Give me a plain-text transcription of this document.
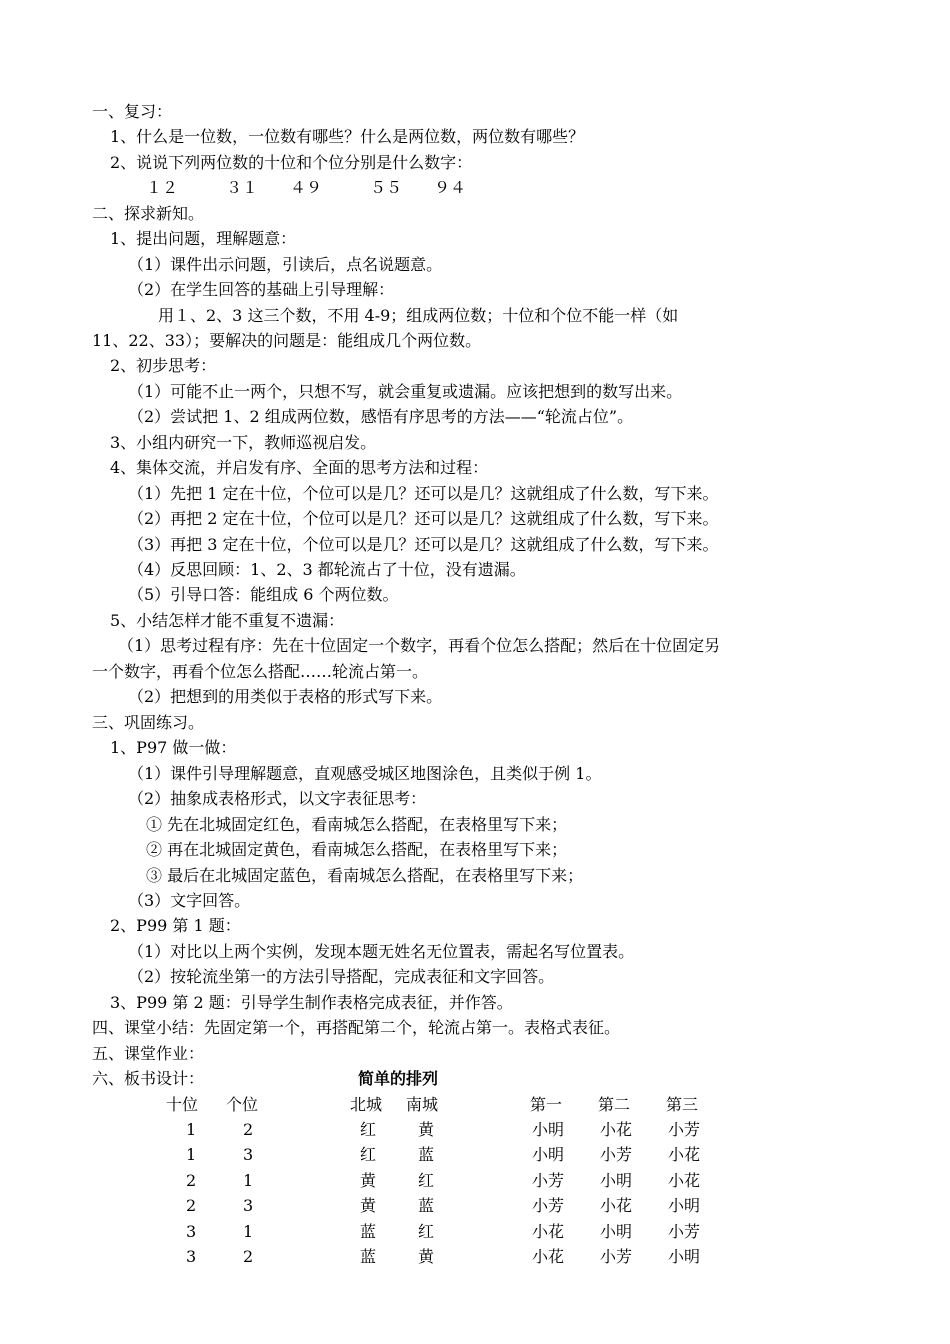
一、复习：
1、什么是一位数，一位数有哪些？什么是两位数，两位数有哪些？
2、说说下列两位数的十位和个位分别是什么数字：
１２　　　３１　　４９　　　５５　　９４
二、探求新知。
1、提出问题，理解题意：
（1）课件出示问题，引读后，点名说题意。
（2）在学生回答的基础上引导理解：
用１、2、3 这三个数，不用 4-9；组成两位数；十位和个位不能一样（如
11、22、33）；要解决的问题是：能组成几个两位数。
2、初步思考：
（1）可能不止一两个，只想不写，就会重复或遗漏。应该把想到的数写出来。
（2）尝试把 1、2 组成两位数，感悟有序思考的方法——“轮流占位”。
3、小组内研究一下，教师巡视启发。
4、集体交流，并启发有序、全面的思考方法和过程：
（1）先把 1 定在十位，个位可以是几？还可以是几？这就组成了什么数，写下来。
（2）再把 2 定在十位，个位可以是几？还可以是几？这就组成了什么数，写下来。
（3）再把 3 定在十位，个位可以是几？还可以是几？这就组成了什么数，写下来。
（4）反思回顾：1、2、3 都轮流占了十位，没有遗漏。
（5）引导口答：能组成 6 个两位数。
5、小结怎样才能不重复不遗漏：
（1）思考过程有序：先在十位固定一个数字，再看个位怎么搭配；然后在十位固定另
一个数字，再看个位怎么搭配……轮流占第一。
（2）把想到的用类似于表格的形式写下来。
三、巩固练习。
1、P97 做一做：
（1）课件引导理解题意，直观感受城区地图涂色，且类似于例 1。
（2）抽象成表格形式，以文字表征思考：
① 先在北城固定红色，看南城怎么搭配，在表格里写下来；
② 再在北城固定黄色，看南城怎么搭配，在表格里写下来；
③ 最后在北城固定蓝色，看南城怎么搭配，在表格里写下来；
（3）文字回答。
2、P99 第 1 题：
（1）对比以上两个实例，发现本题无姓名无位置表，需起名写位置表。
（2）按轮流坐第一的方法引导搭配，完成表征和文字回答。
3、P99 第 2 题：引导学生制作表格完成表征，并作答。
四、课堂小结：先固定第一个，再搭配第二个，轮流占第一。表格式表征。
五、课堂作业：
六、板书设计：	简单的排列
十位 个位
1	2
1	3
2	1
2	3
3	1
3	2
北城 南城
红	黄
红	蓝
黄	红
黄	蓝
蓝	红
蓝	黄
第一 第二 第三
小明 小花 小芳
小明 小芳 小花
小芳 小明 小花
小芳 小花 小明
小花 小明 小芳
小花 小芳 小明
